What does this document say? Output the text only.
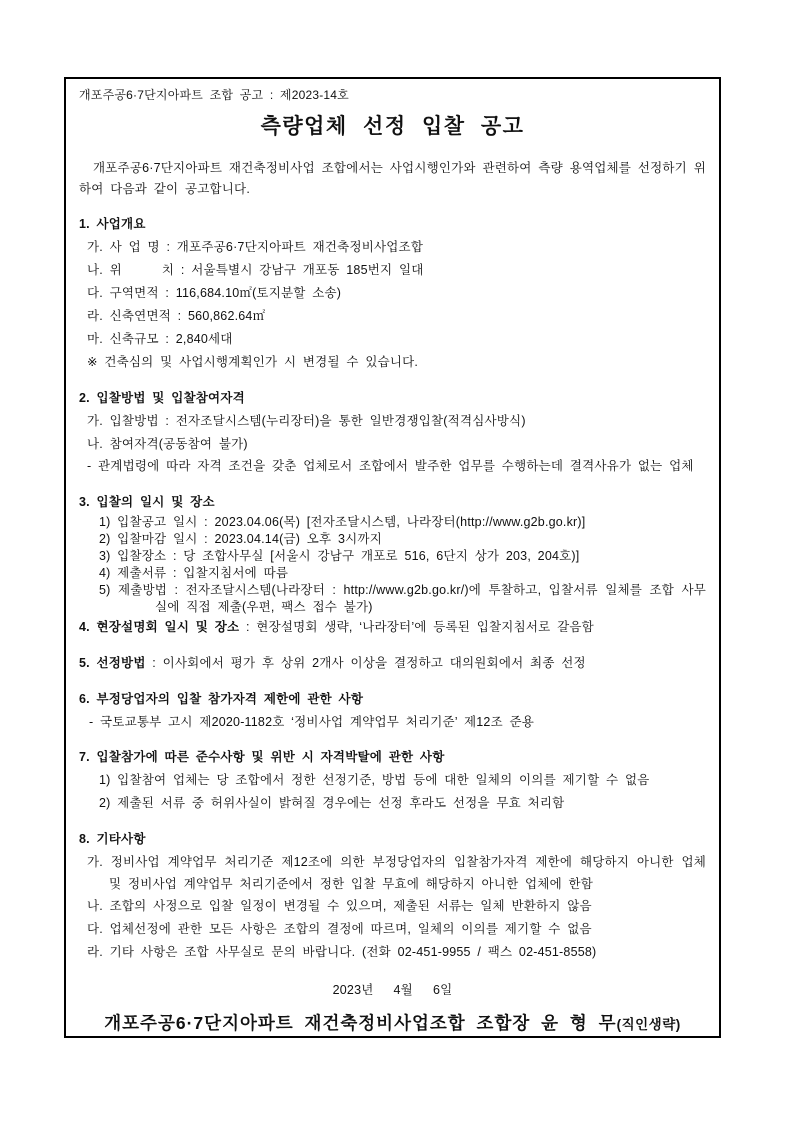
개포주공6·7단지아파트 조합 공고 : 제2023-14호
측량업체 선정 입찰 공고

개포주공6·7단지아파트 재건축정비사업 조합에서는 사업시행인가와 관련하여 측량 용역업체를 선정하기 위하여 다음과 같이 공고합니다.

1. 사업개요
가. 사 업 명 : 개포주공6·7단지아파트 재건축정비사업조합
나. 위      치 : 서울특별시 강남구 개포동 185번지 일대
다. 구역면적 : 116,684.10㎡(토지분할 소송)
라. 신축연면적 : 560,862.64㎡
마. 신축규모 : 2,840세대
※ 건축심의 및 사업시행계획인가 시 변경될 수 있습니다.
2. 입찰방법 및 입찰참여자격
가. 입찰방법 : 전자조달시스템(누리장터)을 통한 일반경쟁입찰(적격심사방식)
나. 참여자격(공동참여 불가)
- 관계법령에 따라 자격 조건을 갖춘 업체로서 조합에서 발주한 업무를 수행하는데 결격사유가 없는 업체
3. 입찰의 일시 및 장소
1) 입찰공고 일시 : 2023.04.06(목) [전자조달시스템, 나라장터(http://www.g2b.go.kr)]
2) 입찰마감 일시 : 2023.04.14(금) 오후 3시까지
3) 입찰장소 : 당 조합사무실 [서울시 강남구 개포로 516, 6단지 상가 203, 204호)]
4) 제출서류 : 입찰지침서에 따름
5) 제출방법 : 전자조달시스템(나라장터 : http://www.g2b.go.kr/)에 투찰하고, 입찰서류 일체를 조합 사무실에 직접 제출(우편, 팩스 접수 불가)
4. 현장설명회 일시 및 장소 : 현장설명회 생략, ‘나라장터’에 등록된 입찰지침서로 갈음함
5. 선정방법 : 이사회에서 평가 후 상위 2개사 이상을 결정하고 대의원회에서 최종 선정
6. 부정당업자의 입찰 참가자격 제한에 관한 사항
- 국토교통부 고시 제2020-1182호 ‘정비사업 계약업무 처리기준’ 제12조 준용
7. 입찰참가에 따른 준수사항 및 위반 시 자격박탈에 관한 사항
1) 입찰참여 업체는 당 조합에서 정한 선정기준, 방법 등에 대한 일체의 이의를 제기할 수 없음
2) 제출된 서류 중 허위사실이 밝혀질 경우에는 선정 후라도 선정을 무효 처리함
8. 기타사항
가. 정비사업 계약업무 처리기준 제12조에 의한 부정당업자의 입찰참가자격 제한에 해당하지 아니한 업체 및 정비사업 계약업무 처리기준에서 정한 입찰 무효에 해당하지 아니한 업체에 한함
나. 조합의 사정으로 입찰 일정이 변경될 수 있으며, 제출된 서류는 일체 반환하지 않음
다. 업체선정에 관한 모든 사항은 조합의 결정에 따르며, 일체의 이의를 제기할 수 없음
라. 기타 사항은 조합 사무실로 문의 바랍니다. (전화 02-451-9955 / 팩스 02-451-8558)
2023년   4월   6일
개포주공6·7단지아파트 재건축정비사업조합 조합장 윤 형 무(직인생략)
